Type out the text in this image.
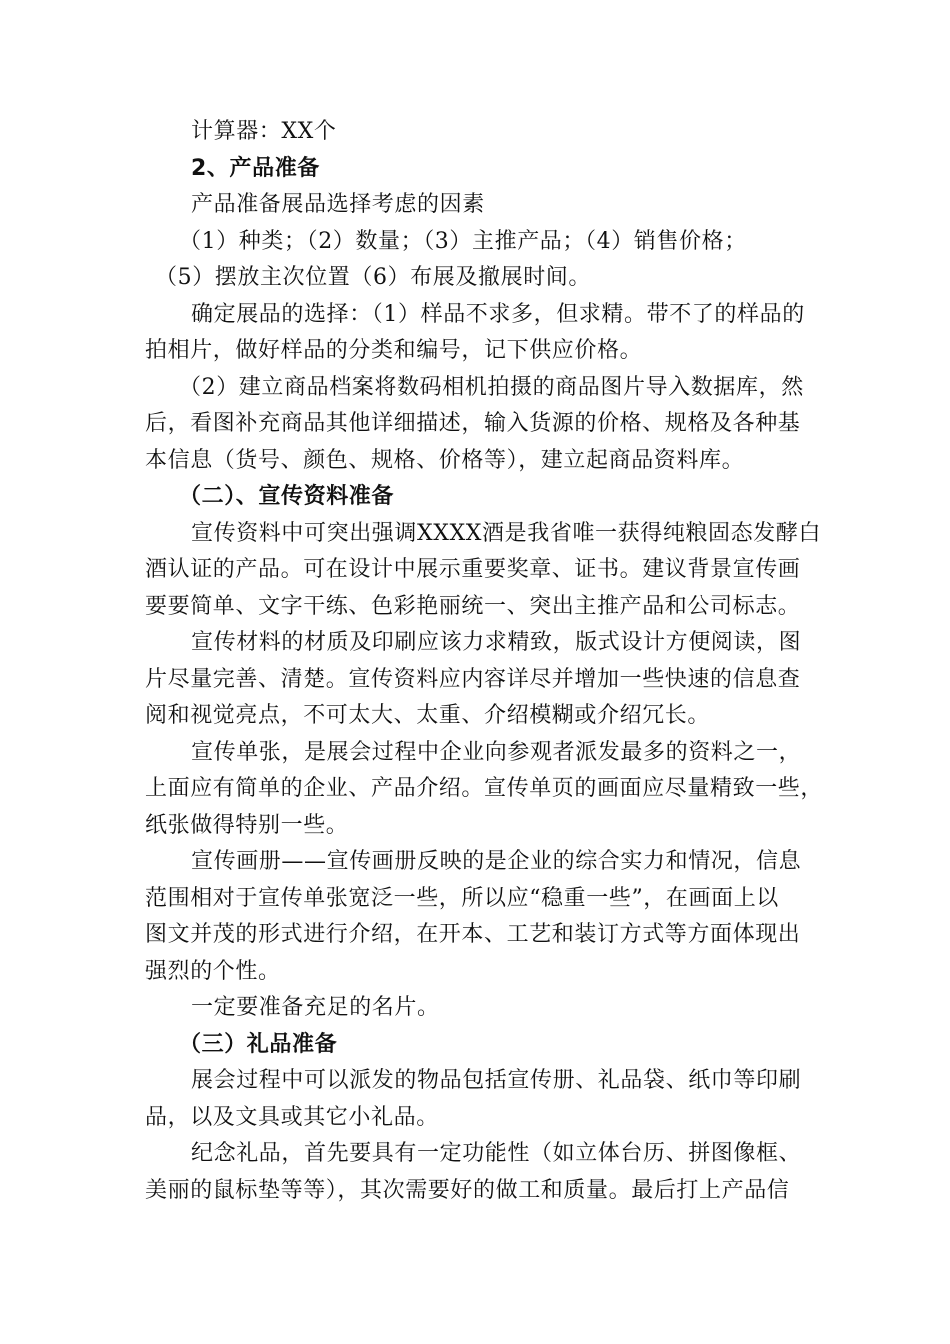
计算器：XX个
2、产品准备
产品准备展品选择考虑的因素
（1）种类；（2）数量；（3）主推产品；（4）销售价格；
（5）摆放主次位置（6）布展及撤展时间。
确定展品的选择：（1）样品不求多，但求精。带不了的样品的
拍相片，做好样品的分类和编号，记下供应价格。
（2）建立商品档案将数码相机拍摄的商品图片导入数据库，然
后，看图补充商品其他详细描述，输入货源的价格、规格及各种基
本信息（货号、颜色、规格、价格等），建立起商品资料库。
（二）、宣传资料准备
宣传资料中可突出强调XXXX酒是我省唯一获得纯粮固态发酵白
酒认证的产品。可在设计中展示重要奖章、证书。建议背景宣传画
要要简单、文字干练、色彩艳丽统一、突出主推产品和公司标志。
宣传材料的材质及印刷应该力求精致，版式设计方便阅读，图
片尽量完善、清楚。宣传资料应内容详尽并增加一些快速的信息查
阅和视觉亮点，不可太大、太重、介绍模糊或介绍冗长。
宣传单张，是展会过程中企业向参观者派发最多的资料之一，
上面应有简单的企业、产品介绍。宣传单页的画面应尽量精致一些，
纸张做得特别一些。
宣传画册——宣传画册反映的是企业的综合实力和情况，信息
范围相对于宣传单张宽泛一些，所以应“稳重一些”，在画面上以
图文并茂的形式进行介绍，在开本、工艺和装订方式等方面体现出
强烈的个性。
一定要准备充足的名片。
（三）礼品准备
展会过程中可以派发的物品包括宣传册、礼品袋、纸巾等印刷
品，以及文具或其它小礼品。
纪念礼品，首先要具有一定功能性（如立体台历、拼图像框、
美丽的鼠标垫等等），其次需要好的做工和质量。最后打上产品信
